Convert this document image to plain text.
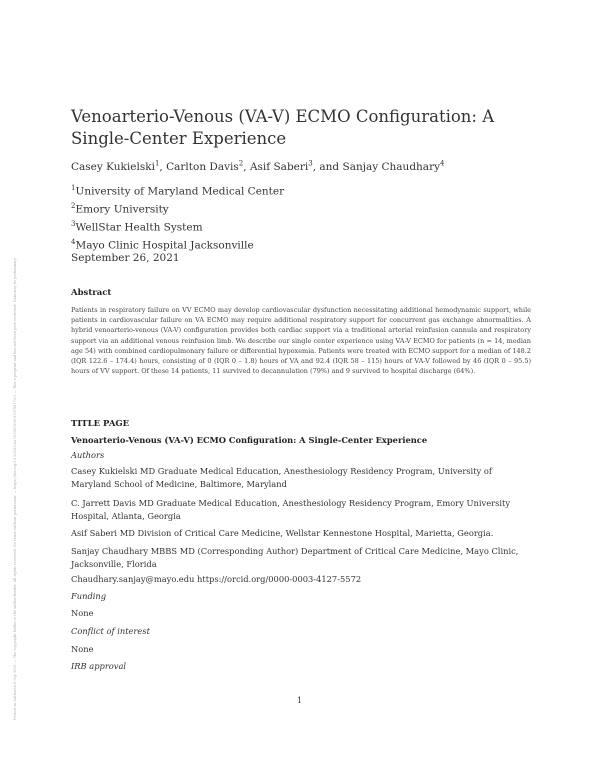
Posted on Authorea 6 Sep 2021 — The copyright holder is the author/funder. All rights reserved. No reuse without permission. — https://doi.org/10.22541/au.163091296.61975617/v1 — This a preprint and has not been peer reviewed. Data may be preliminary.
Venoarterio-Venous (VA-V) ECMO Configuration: A Single-Center Experience
Casey Kukielski$^1$, Carlton Davis$^2$, Asif Saberi$^3$, and Sanjay Chaudhary$^4$
$^1$University of Maryland Medical Center
$^2$Emory University
$^3$WellStar Health System
$^4$Mayo Clinic Hospital Jacksonville
September 26, 2021
Abstract

Patients in respiratory failure on VV ECMO may develop cardiovascular dysfunction necessitating additional hemodynamic support, while patients in cardiovascular failure on VA ECMO may require additional respiratory support for concurrent gas exchange abnormalities. A hybrid venoarterio-venous (VA-V) configuration provides both cardiac support via a traditional arterial reinfusion cannula and respiratory support via an additional venous reinfusion limb. We describe our single center experience using VA-V ECMO for patients (n = 14, median age 54) with combined cardiopulmonary failure or differential hypoxemia. Patients were treated with ECMO support for a median of 148.2 (IQR 122.6 – 174.4) hours, consisting of 0 (IQR 0 – 1.8) hours of VA and 92.4 (IQR 58 – 115) hours of VA-V followed by 46 (IQR 0 – 95.5) hours of VV support. Of these 14 patients, 11 survived to decannulation (79%) and 9 survived to hospital discharge (64%).

TITLE PAGE
Venoarterio-Venous (VA-V) ECMO Configuration: A Single-Center Experience
Authors
Casey Kukielski MD Graduate Medical Education, Anesthesiology Residency Program, University of Maryland School of Medicine, Baltimore, Maryland
C. Jarrett Davis MD Graduate Medical Education, Anesthesiology Residency Program, Emory University Hospital, Atlanta, Georgia
Asif Saberi MD Division of Critical Care Medicine, Wellstar Kennestone Hospital, Marietta, Georgia.
Sanjay Chaudhary MBBS MD (Corresponding Author) Department of Critical Care Medicine, Mayo Clinic, Jacksonville, Florida
Chaudhary.sanjay@mayo.edu https://orcid.org/0000-0003-4127-5572
Funding
None
Conflict of interest
None
IRB approval
1
